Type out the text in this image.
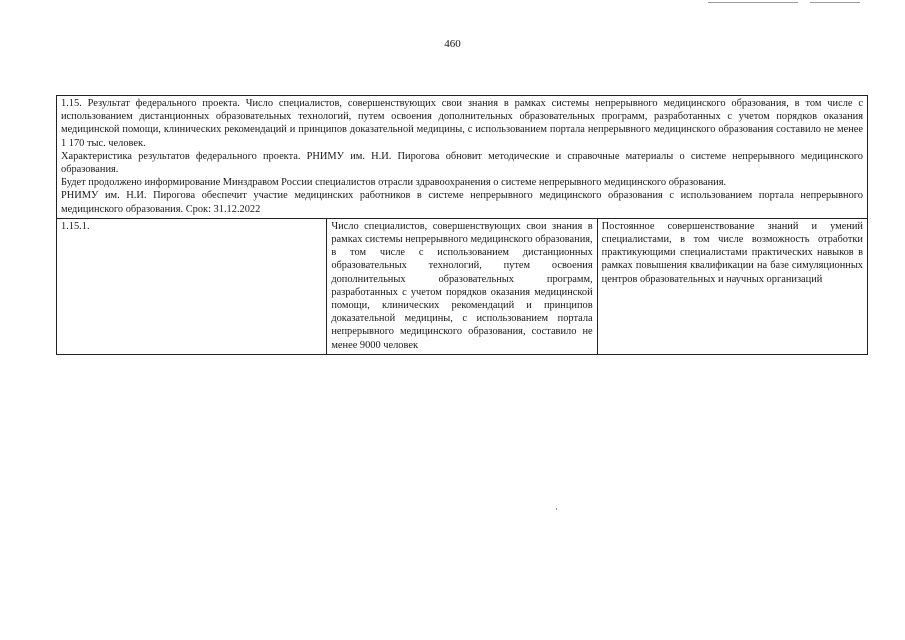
460

1.15. Результат федерального проекта. Число специалистов, совершенствующих свои знания в рамках системы непрерывного медицинского образования, в том числе с использованием дистанционных образовательных технологий, путем освоения дополнительных образовательных программ, разработанных с учетом порядков оказания медицинской помощи, клинических рекомендаций и принципов доказательной медицины, с использованием портала непрерывного медицинского образования составило не менее 1 170 тыс. человек.

Характеристика результатов федерального проекта. РНИМУ им. Н.И. Пирогова обновит методические и справочные материалы о системе непрерывного медицинского образования.

Будет продолжено информирование Минздравом России специалистов отрасли здравоохранения о системе непрерывного медицинского образования.

РНИМУ им. Н.И. Пирогова обеспечит участие медицинских работников в системе непрерывного медицинского образования с использованием портала непрерывного медицинского образования. Срок: 31.12.2022

1.15.1.	Число специалистов, совершенствующих свои знания в рамках системы непрерывного медицинского образования, в том числе с использованием дистанционных образовательных технологий, путем освоения дополнительных образовательных программ, разработанных с учетом порядков оказания медицинской помощи, клинических рекомендаций и принципов доказательной медицины, с использованием портала непрерывного медицинского образования, составило не менее 9000 человек	Постоянное совершенствование знаний и умений специалистами, в том числе возможность отработки практикующими специалистами практических навыков в рамках повышения квалификации на базе симуляционных центров образовательных и научных организаций
